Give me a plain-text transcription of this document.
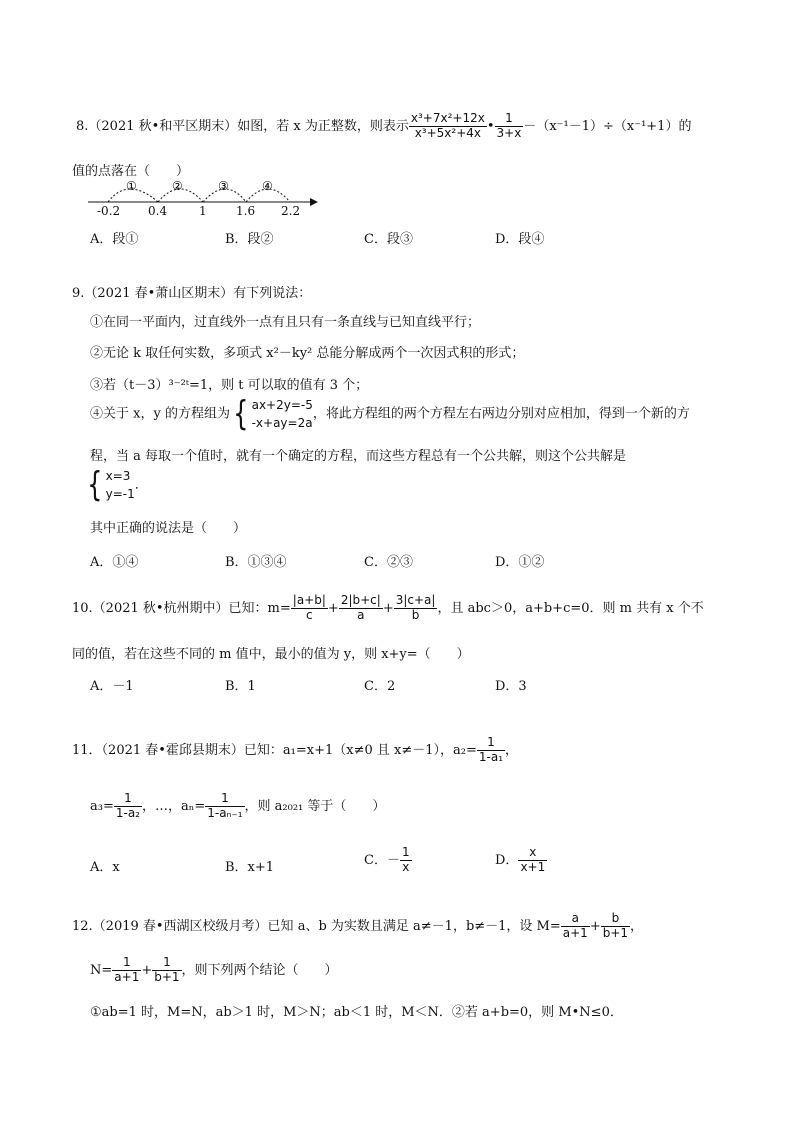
8.（2021 秋•和平区期末）如图，若 x 为正整数，则表示 $\frac{\text{x³+7x²+12x}}{\text{x³+5x²+4x}}$ • $\frac{1}{3+x} -(x^{-1}-1)\div(x^{-1}+1)$的
值的点落在（　　）
①	②	③	④
-0.2 0.4	1 1.6 2.2
A．段①	B．段②	C．段③	D．段④
9.（2021 春•萧山区期末）有下列说法：
①在同一平面内，过直线外一点有且只有一条直线与已知直线平行；
②无论 k 取任何实数，多项式 x²－ky² 总能分解成两个一次因式积的形式；
③若（t－3）³⁻²ᵗ=1，则 t 可以取的值有 3 个；
④关于 x，y 的方程组为{ ax+2y=-5
-x+ay=2a
，将此方程组的两个方程左右两边分别对应相加，得到一个新的方
程，当 a 每取一个值时，就有一个确定的方程，而这些方程总有一个公共解，则这个公共解是
{ x=3
y=-1
．
其中正确的说法是（　　）
A．①④	B．①③④	C．②③	D．①②
10.（2021 秋•杭州期中）已知：$m= \frac{|a+b|}{c} + \frac{2|b+c|}{a} + \frac{3|c+a|}{b}$ ，且 abc＞0，a+b+c=0．则 m 共有 x 个不
同的值，若在这些不同的 m 值中，最小的值为 y，则 x+y=（　　）
A．－1	B．1	C．2	D．3
11．（2021 春•霍邱县期末）已知：a₁=x+1（x≠0 且 x≠－1），$a_2= \frac{1}{\text{1-a₁}}$ ，
$a_3= \frac{1}{\text{1-a₂}}$ ，…，$a_n= \frac{1}{\text{1-aₙ₋₁}}$ ，则 a₂₀₂₁ 等于（　　）
A．x	B．x+1	C．－ $\frac{1}{x}$	D． $\frac{x}{x+1}$
12.（2019 春•西湖区校级月考）已知 a、b 为实数且满足 a≠－1，b≠－1，设 $M= \frac{a}{a+1} + \frac{b}{b+1}$ ，
$N= \frac{1}{a+1} + \frac{1}{b+1}$ ，则下列两个结论（　　）
①ab=1 时，M=N，ab＞1 时，M＞N；ab＜1 时，M＜N．②若 a+b=0，则 M•N≤0．
